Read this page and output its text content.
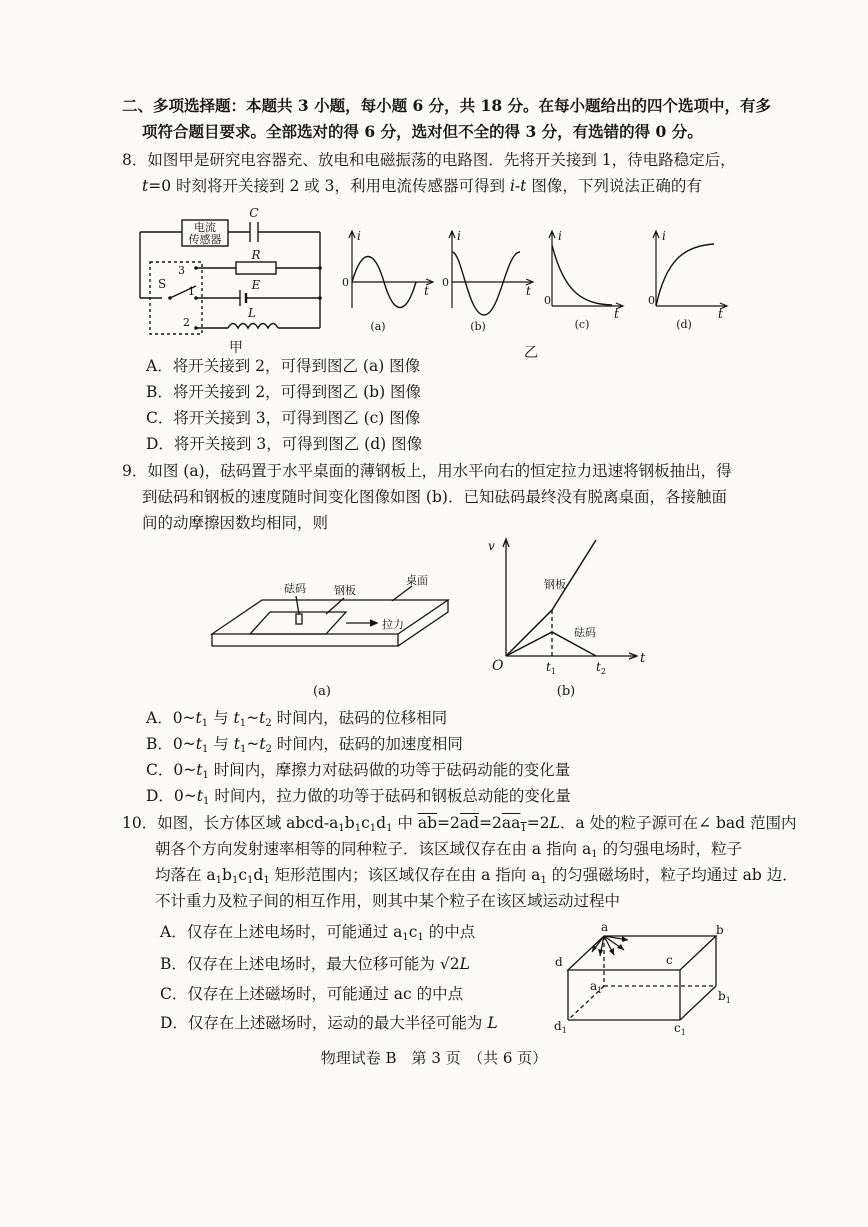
二、多项选择题：本题共 3 小题，每小题 6 分，共 18 分。在每小题给出的四个选项中，有多
项符合题目要求。全部选对的得 6 分，选对但不全的得 3 分，有选错的得 0 分。
8．如图甲是研究电容器充、放电和电磁振荡的电路图．先将开关接到 1，待电路稳定后，
t=0 时刻将开关接到 2 或 3，利用电流传感器可得到 i-t 图像，下列说法正确的有
电流
传感器
C
R
E
L
S
3
1
2
甲	乙
i
0
t
(a)
i
0
t
(b)
i
0
t
(c)
i
0
t
(d)
A．将开关接到 2，可得到图乙 (a) 图像
B．将开关接到 2，可得到图乙 (b) 图像
C．将开关接到 3，可得到图乙 (c) 图像
D．将开关接到 3，可得到图乙 (d) 图像
9．如图 (a)，砝码置于水平桌面的薄钢板上，用水平向右的恒定拉力迅速将钢板抽出，得
到砝码和钢板的速度随时间变化图像如图 (b)．已知砝码最终没有脱离桌面，各接触面
间的动摩擦因数均相同，则
砝码	钢板
桌面
拉力
(a)
v
O	t
$t_1$	$t_2$
钢板
砝码
(b)
A．$0\sim t_1$ 与 $t_1\sim t_2$ 时间内，砝码的位移相同
B．$0\sim t_1$ 与 $t_1\sim t_2$ 时间内，砝码的加速度相同
C．$0\sim t_1$ 时间内，摩擦力对砝码做的功等于砝码动能的变化量
D．$0\sim t_1$ 时间内，拉力做的功等于砝码和钢板总动能的变化量
10．如图，长方体区域 abcd-$a_1b_1c_1d_1$ 中 $\overline{ab}=2\overline{ad}=2aa_1=2L$．a 处的粒子源可在∠ bad 范围内
朝各个方向发射速率相等的同种粒子．该区域仅存在由 a 指向 $a_1$ 的匀强电场时，粒子
均落在 $a_1b_1c_1d_1$ 矩形范围内；该区域仅存在由 a 指向 $a_1$ 的匀强磁场时，粒子均通过 ab 边．
不计重力及粒子间的相互作用，则其中某个粒子在该区域运动过程中
A．仅存在上述电场时，可能通过 $a_1c_1$ 的中点
B．仅存在上述电场时，最大位移可能为 √2L
C．仅存在上述磁场时，可能通过 ac 的中点
D．仅存在上述磁场时，运动的最大半径可能为 L
a	b
c
d
$a_1$	$b_1$
$c_1$
$d_1$
物理试卷 B　第 3 页　（共 6 页）
